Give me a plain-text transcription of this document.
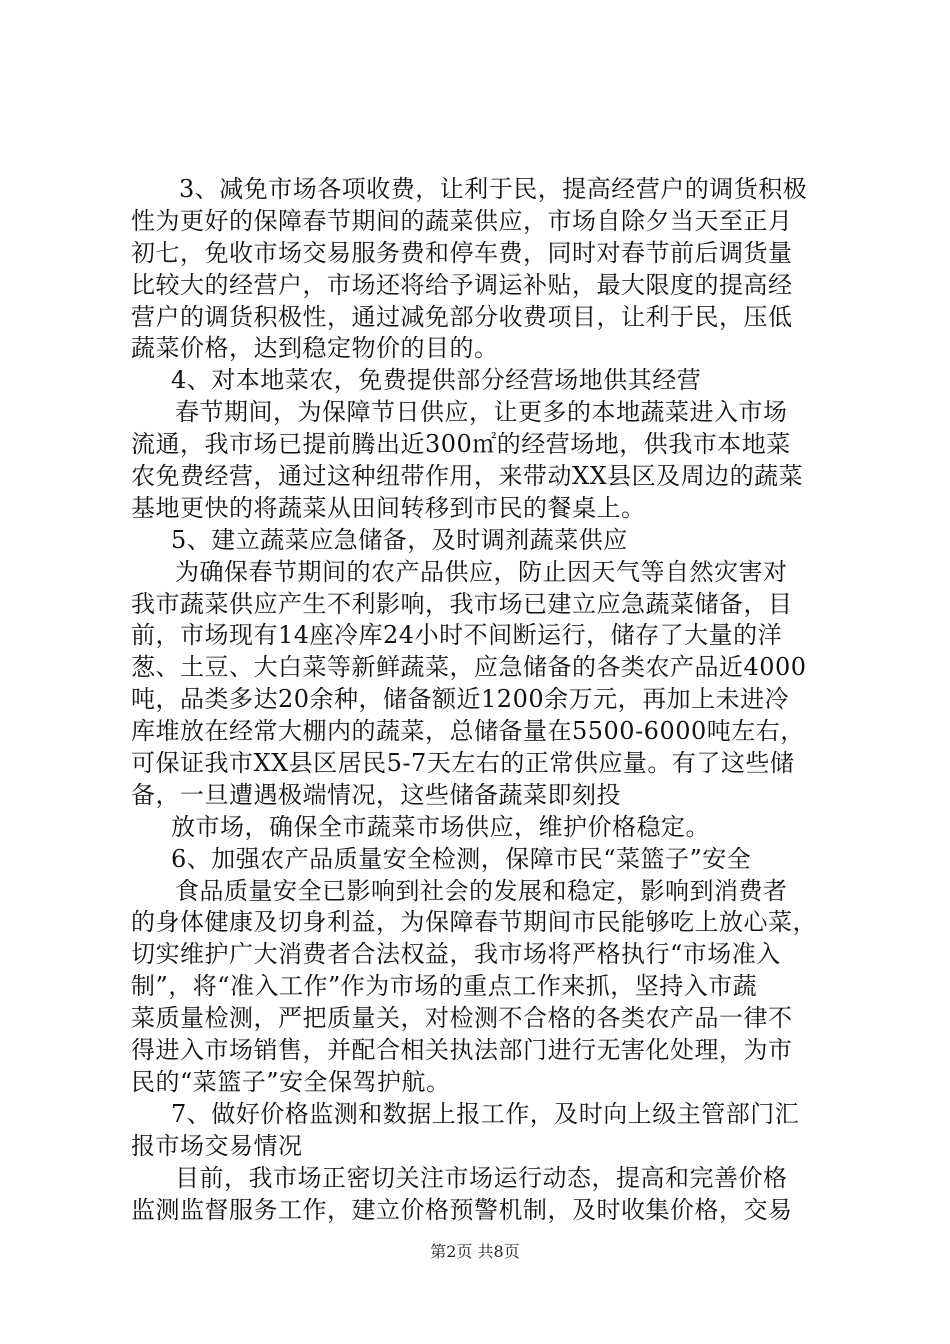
3、减免市场各项收费，让利于民，提高经营户的调货积极
性为更好的保障春节期间的蔬菜供应，市场自除夕当天至正月
初七，免收市场交易服务费和停车费，同时对春节前后调货量
比较大的经营户，市场还将给予调运补贴，最大限度的提高经
营户的调货积极性，通过减免部分收费项目，让利于民，压低
蔬菜价格，达到稳定物价的目的。
4、对本地菜农，免费提供部分经营场地供其经营
春节期间，为保障节日供应，让更多的本地蔬菜进入市场
流通，我市场已提前腾出近300㎡的经营场地，供我市本地菜
农免费经营，通过这种纽带作用，来带动XX县区及周边的蔬菜
基地更快的将蔬菜从田间转移到市民的餐桌上。
5、建立蔬菜应急储备，及时调剂蔬菜供应
为确保春节期间的农产品供应，防止因天气等自然灾害对
我市蔬菜供应产生不利影响，我市场已建立应急蔬菜储备，目
前，市场现有14座冷库24小时不间断运行，储存了大量的洋
葱、土豆、大白菜等新鲜蔬菜，应急储备的各类农产品近4000
吨，品类多达20余种，储备额近1200余万元，再加上未进冷
库堆放在经常大棚内的蔬菜，总储备量在5500-6000吨左右，
可保证我市XX县区居民5-7天左右的正常供应量。有了这些储
备，一旦遭遇极端情况，这些储备蔬菜即刻投
放市场，确保全市蔬菜市场供应，维护价格稳定。
6、加强农产品质量安全检测，保障市民“菜篮子”安全
食品质量安全已影响到社会的发展和稳定，影响到消费者
的身体健康及切身利益，为保障春节期间市民能够吃上放心菜，
切实维护广大消费者合法权益，我市场将严格执行“市场准入
制”，将“准入工作”作为市场的重点工作来抓，坚持入市蔬
菜质量检测，严把质量关，对检测不合格的各类农产品一律不
得进入市场销售，并配合相关执法部门进行无害化处理，为市
民的“菜篮子”安全保驾护航。
7、做好价格监测和数据上报工作，及时向上级主管部门汇
报市场交易情况
目前，我市场正密切关注市场运行动态，提高和完善价格
监测监督服务工作，建立价格预警机制，及时收集价格，交易
第2页 共8页
